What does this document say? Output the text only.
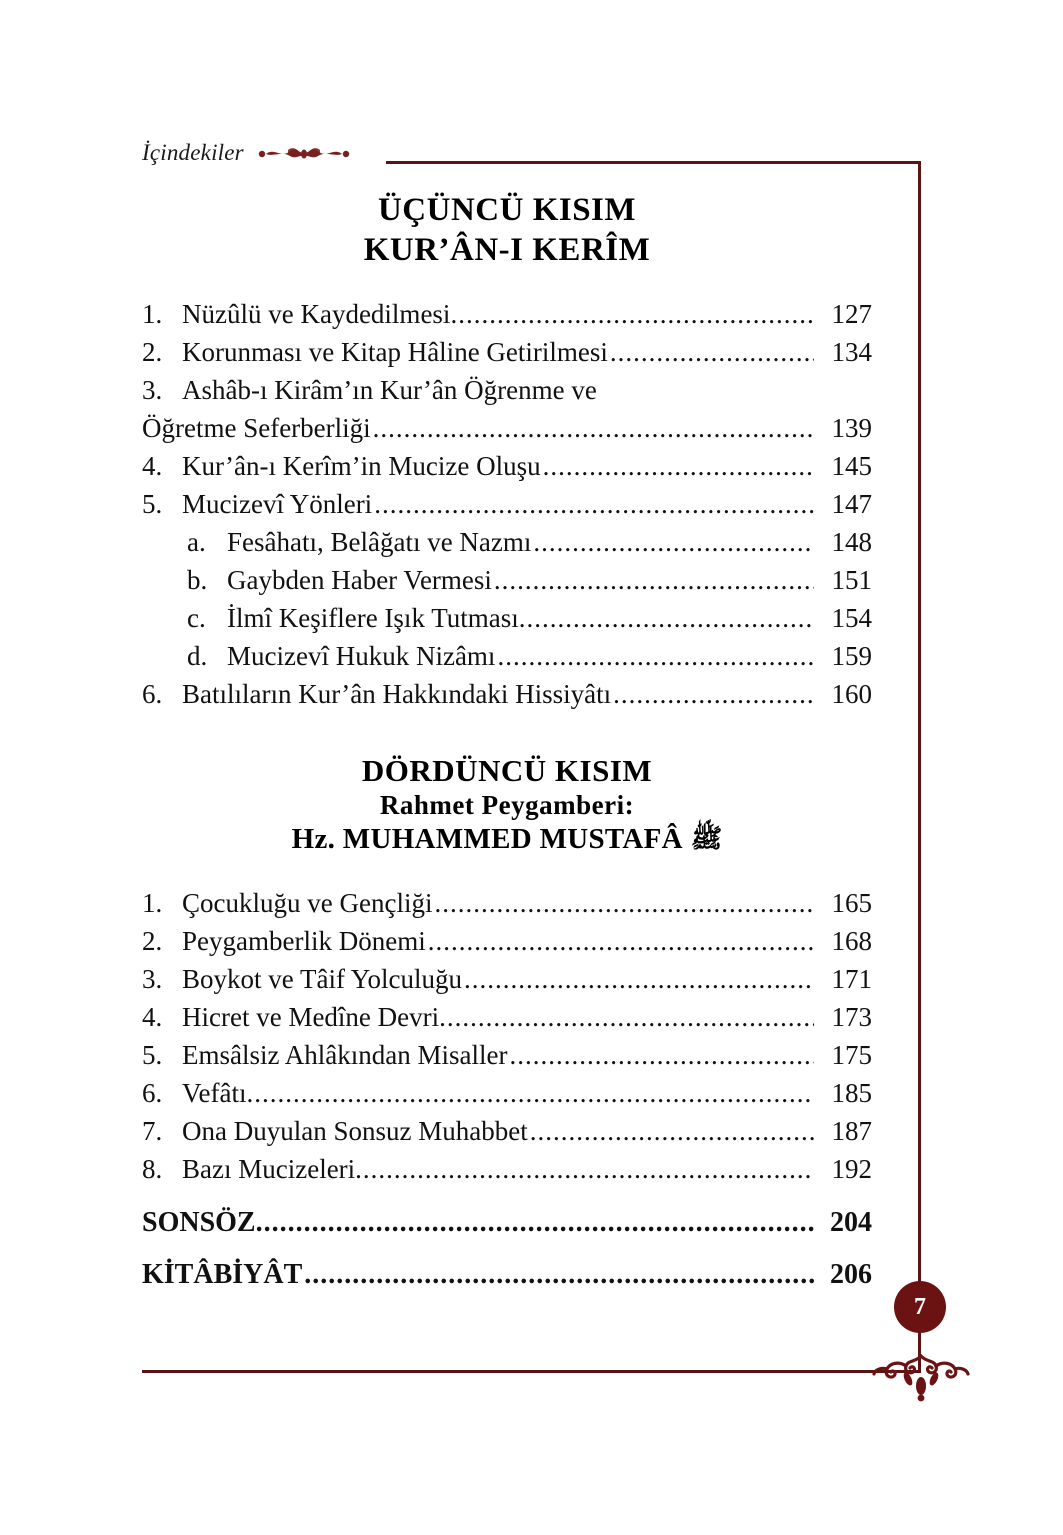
İçindekiler
7
ÜÇÜNCÜ KISIM
KUR’ÂN-I KERÎM
1. Nüzûlü ve Kaydedilmesi .....	127
2. Korunması ve Kitap Hâline Getirilmesi .....	134
3. Ashâb-ı Kirâm’ın Kur’ân Öğrenme ve
Öğretme Seferberliği .....	139
4. Kur’ân-ı Kerîm’in Mucize Oluşu .....	145
5. Mucizevî Yönleri .....	147
a. Fesâhatı, Belâğatı ve Nazmı .....	148
b. Gaybden Haber Vermesi .....	151
c. İlmî Keşiflere Işık Tutması .....	154
d. Mucizevî Hukuk Nizâmı .....	159
6. Batılıların Kur’ân Hakkındaki Hissiyâtı .....	160
DÖRDÜNCÜ KISIM
Rahmet Peygamberi:
Hz. MUHAMMED MUSTAFÂ ﷺ
1. Çocukluğu ve Gençliği .....	165
2. Peygamberlik Dönemi .....	168
3. Boykot ve Tâif Yolculuğu .....	171
4. Hicret ve Medîne Devri .....	173
5. Emsâlsiz Ahlâkından Misaller .....	175
6. Vefâtı .....	185
7. Ona Duyulan Sonsuz Muhabbet .....	187
8. Bazı Mucizeleri .....	192
SONSÖZ .....	204
KİTÂBİYÂT .....	206
